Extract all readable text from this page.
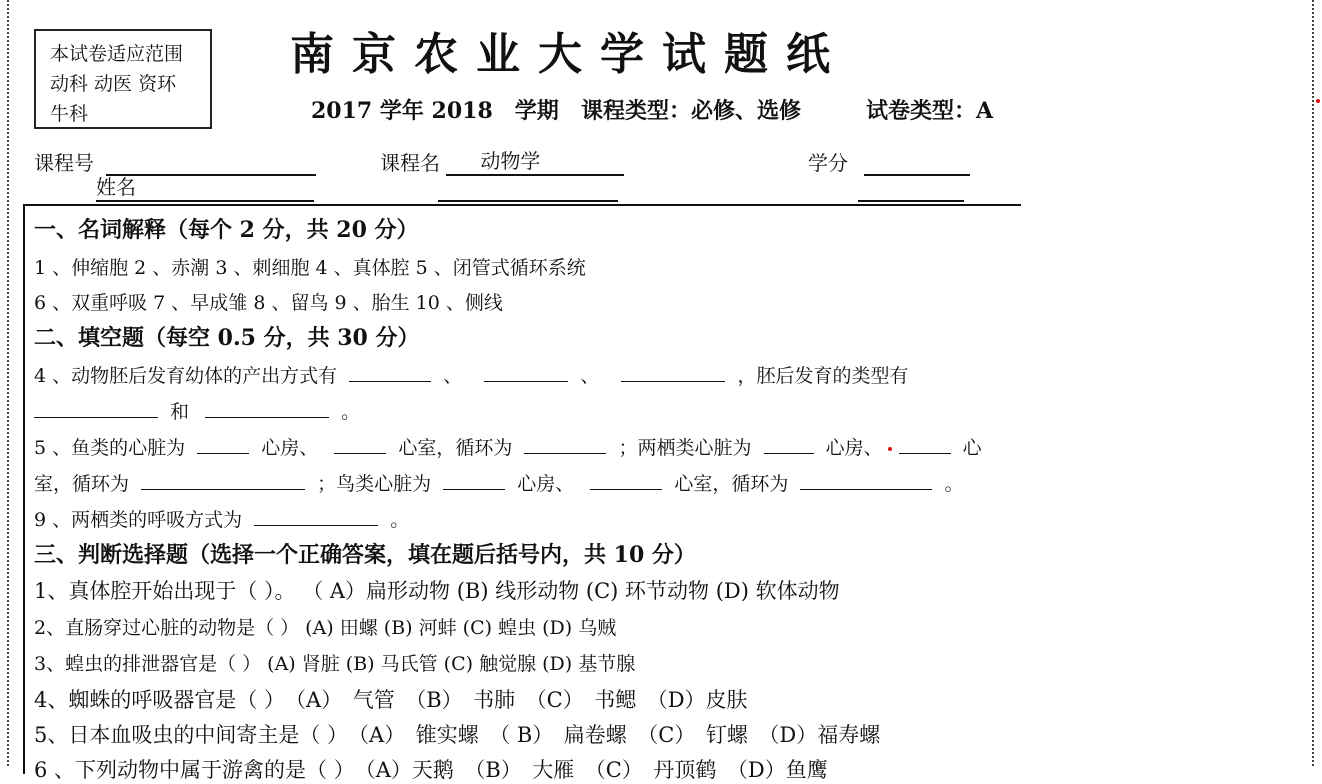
本试卷适应范围
动科 动医 资环
牛科
南京农业大学试题纸
2017 学年 2018　学期 课程类型：必修、选修	试卷类型：A
课程号	课程名 动物学	学分
姓名
一、名词解释（每个 2 分，共 20 分）
1 、伸缩胞 2 、赤潮 3 、刺细胞 4 、真体腔 5 、闭管式循环系统
6 、双重呼吸 7 、早成雏 8 、留鸟 9 、胎生 10 、侧线
二、填空题（每空 0.5 分，共 30 分）
4 、动物胚后发育幼体的产出方式有	、	、	，胚后发育的类型有
和	。
5 、鱼类的心脏为	心房、	心室，循环为	；两栖类心脏为	心房、	心
室，循环为	；鸟类心脏为	心房、	心室，循环为	。
9 、两栖类的呼吸方式为	。
三、判断选择题（选择一个正确答案，填在题后括号内，共 10 分）
1、真体腔开始出现于（ ）。 （ A）扁形动物 (B) 线形动物 (C) 环节动物 (D) 软体动物
2、直肠穿过心脏的动物是（ ） (A) 田螺 (B) 河蚌 (C) 蝗虫 (D) 乌贼
3、蝗虫的排泄器官是（ ） (A) 肾脏 (B) 马氏管 (C) 触觉腺 (D) 基节腺
4、蜘蛛的呼吸器官是（ ）　（A）　气管　（B）　书肺　（C）　书鳃　（D）皮肤
5、日本血吸虫的中间寄主是（ ）　（A）　锥实螺　（ B）　扁卷螺　（C）　钉螺　（D）福寿螺
6 、下列动物中属于游禽的是（ ）　（A）天鹅　（B）　大雁　（C）　丹顶鹤　（D）鱼鹰
